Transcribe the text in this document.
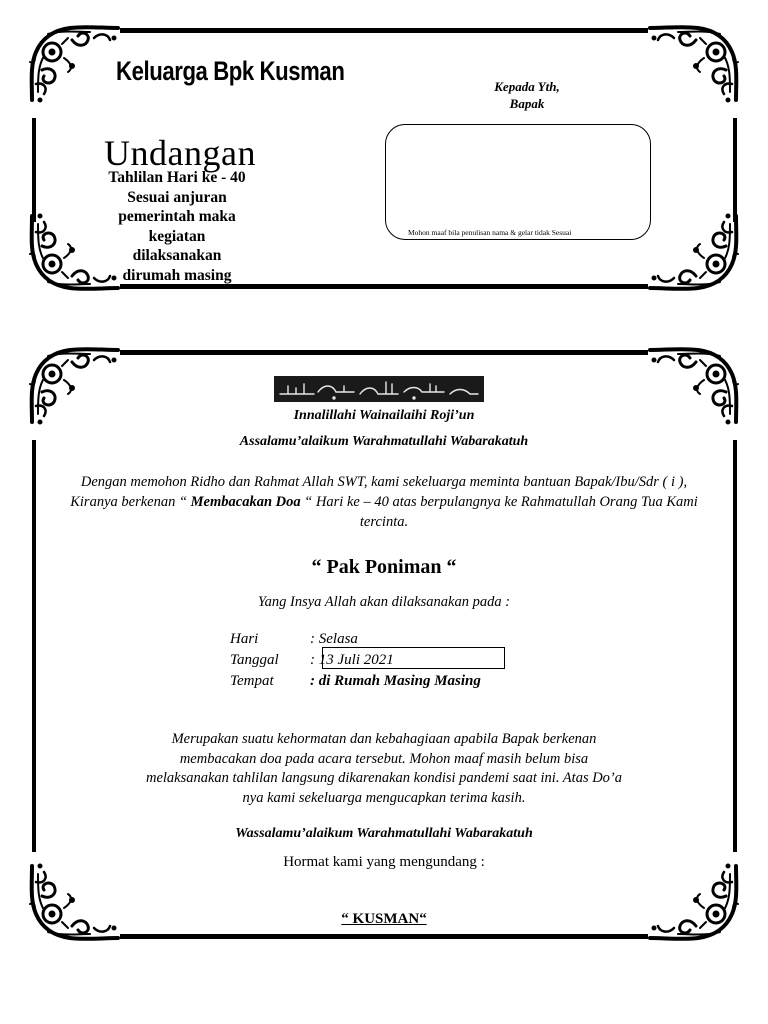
Keluarga Bpk Kusman
Undangan
Tahlilan Hari ke - 40
Sesuai anjuran
pemerintah maka
kegiatan
dilaksanakan
dirumah masing
Kepada Yth,
Bapak
Mohon maaf bila penulisan nama & gelar tidak Sesuai
Innalillahi Wainailaihi Roji’un
Assalamu’alaikum Warahmatullahi Wabarakatuh
Dengan memohon Ridho dan Rahmat Allah SWT, kami sekeluarga meminta bantuan Bapak/Ibu/Sdr ( i ), Kiranya berkenan “ Membacakan Doa “ Hari ke – 40 atas berpulangnya ke Rahmatullah Orang Tua Kami tercinta.
“ Pak Poniman “
Yang Insya Allah akan dilaksanakan pada :
Hari	: Selasa
Tanggal : 13 Juli 2021
Tempat : di Rumah Masing Masing
Merupakan suatu kehormatan dan kebahagiaan apabila Bapak berkenan
membacakan doa pada acara tersebut. Mohon maaf masih belum bisa
melaksanakan tahlilan langsung dikarenakan kondisi pandemi saat ini. Atas Do’a
nya kami sekeluarga mengucapkan terima kasih.
Wassalamu’alaikum Warahmatullahi Wabarakatuh
Hormat kami yang mengundang :
“ KUSMAN“
